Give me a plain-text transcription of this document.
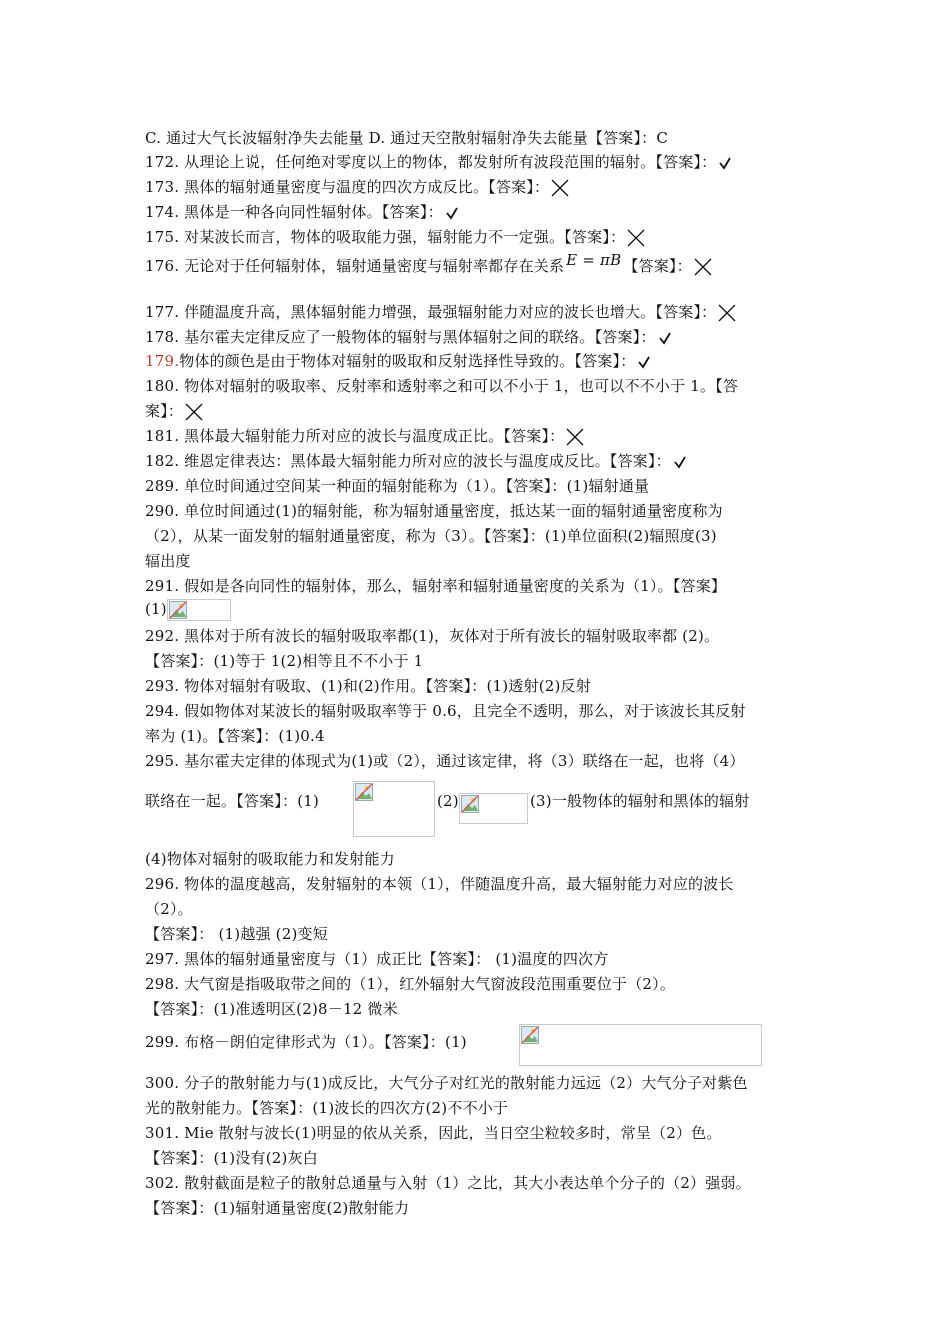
C. 通过大气长波辐射净失去能量 D. 通过天空散射辐射净失去能量【答案】：C
172. 从理论上说，任何绝对零度以上的物体，都发射所有波段范围的辐射。【答案】：
173. 黑体的辐射通量密度与温度的四次方成反比。【答案】：
174. 黑体是一种各向同性辐射体。【答案】：
175. 对某波长而言，物体的吸取能力强，辐射能力不一定强。【答案】：
176. 无论对于任何辐射体，辐射通量密度与辐射率都存在关系 E = πB 【答案】：
177. 伴随温度升高，黑体辐射能力增强，最强辐射能力对应的波长也增大。【答案】：
178. 基尔霍夫定律反应了一般物体的辐射与黑体辐射之间的联络。【答案】：
179.物体的颜色是由于物体对辐射的吸取和反射选择性导致的。【答案】：
180. 物体对辐射的吸取率、反射率和透射率之和可以不小于 1，也可以不不小于 1。【答
案】：
181. 黑体最大辐射能力所对应的波长与温度成正比。【答案】：
182. 维恩定律表达：黑体最大辐射能力所对应的波长与温度成反比。【答案】：
289. 单位时间通过空间某一种面的辐射能称为（1）。【答案】：(1)辐射通量
290. 单位时间通过(1)的辐射能，称为辐射通量密度，抵达某一面的辐射通量密度称为
（2），从某一面发射的辐射通量密度，称为（3）。【答案】：(1)单位面积(2)辐照度(3)
辐出度
291. 假如是各向同性的辐射体，那么，辐射率和辐射通量密度的关系为（1）。【答案】
(1)
292. 黑体对于所有波长的辐射吸取率都(1)，灰体对于所有波长的辐射吸取率都 (2)。
【答案】：(1)等于 1(2)相等且不不小于 1
293. 物体对辐射有吸取、(1)和(2)作用。【答案】：(1)透射(2)反射
294. 假如物体对某波长的辐射吸取率等于 0.6，且完全不透明，那么，对于该波长其反射
率为 (1)。【答案】：(1)0.4
295. 基尔霍夫定律的体现式为(1)或（2），通过该定律，将（3）联络在一起，也将（4）
联络在一起。【答案】：(1)	(2)	(3)一般物体的辐射和黑体的辐射
(4)物体对辐射的吸取能力和发射能力
296. 物体的温度越高，发射辐射的本领（1），伴随温度升高，最大辐射能力对应的波长
（2）。
【答案】： (1)越强 (2)变短
297. 黑体的辐射通量密度与（1）成正比【答案】： (1)温度的四次方
298. 大气窗是指吸取带之间的（1），红外辐射大气窗波段范围重要位于（2）。
【答案】：(1)准透明区(2)8－12 微米
299. 布格－朗伯定律形式为（1）。【答案】：(1)
300. 分子的散射能力与(1)成反比，大气分子对红光的散射能力远远（2）大气分子对紫色
光的散射能力。【答案】：(1)波长的四次方(2)不不小于
301. Mie 散射与波长(1)明显的依从关系，因此，当日空尘粒较多时，常呈（2）色。
【答案】：(1)没有(2)灰白
302. 散射截面是粒子的散射总通量与入射（1）之比，其大小表达单个分子的（2）强弱。
【答案】：(1)辐射通量密度(2)散射能力
